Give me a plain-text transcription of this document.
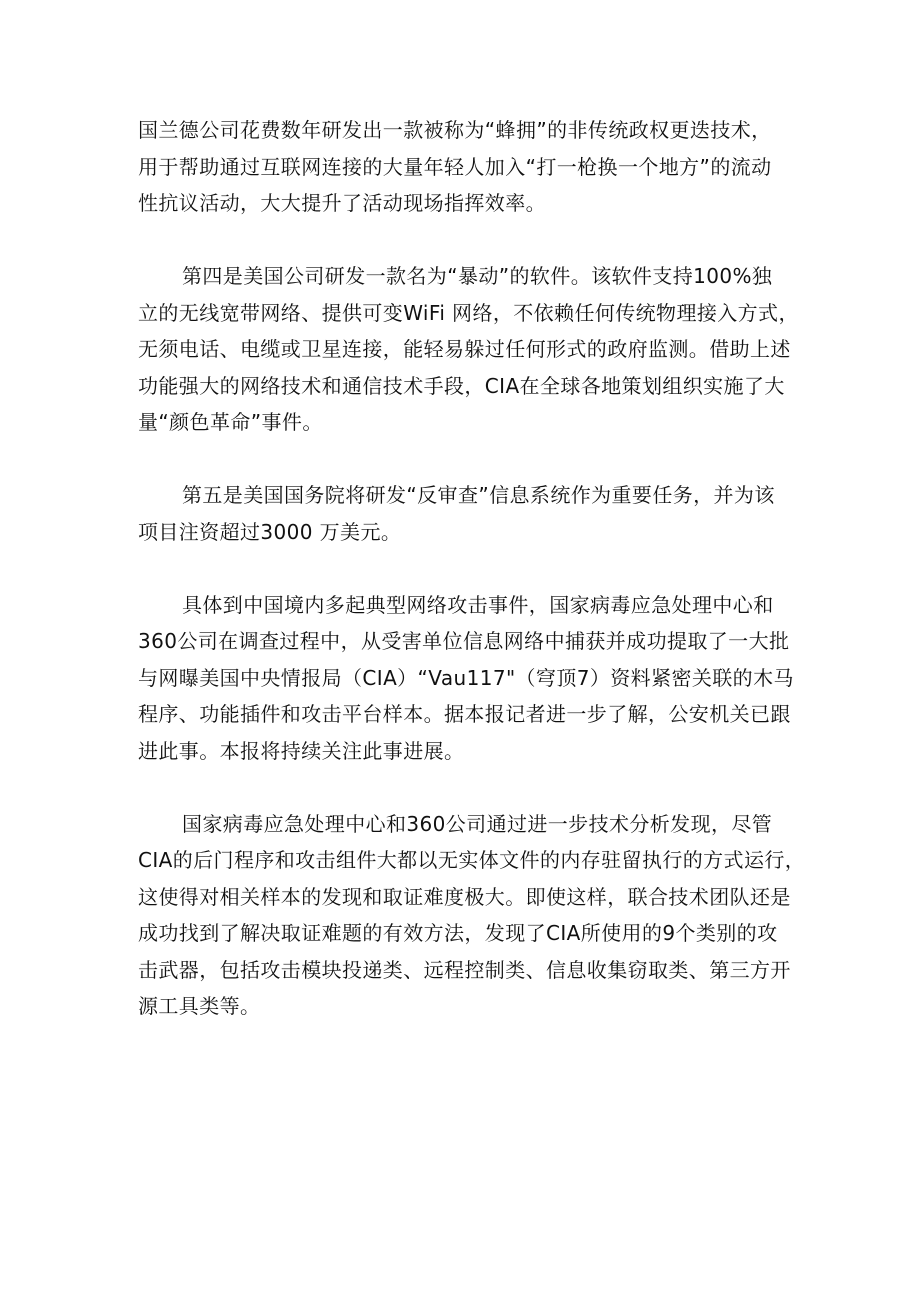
国兰德公司花费数年研发出一款被称为“蜂拥”的非传统政权更迭技术，
用于帮助通过互联网连接的大量年轻人加入“打一枪换一个地方”的流动
性抗议活动，大大提升了活动现场指挥效率。

第四是美国公司研发一款名为“暴动”的软件。该软件支持100%独
立的无线宽带网络、提供可变WiFi 网络，不依赖任何传统物理接入方式，
无须电话、电缆或卫星连接，能轻易躲过任何形式的政府监测。借助上述
功能强大的网络技术和通信技术手段，CIA在全球各地策划组织实施了大
量“颜色革命”事件。

第五是美国国务院将研发“反审查”信息系统作为重要任务，并为该
项目注资超过3000 万美元。

具体到中国境内多起典型网络攻击事件，国家病毒应急处理中心和
360公司在调查过程中，从受害单位信息网络中捕获并成功提取了一大批
与网曝美国中央情报局（CIA）“Vau117"（穹顶7）资料紧密关联的木马
程序、功能插件和攻击平台样本。据本报记者进一步了解，公安机关已跟
进此事。本报将持续关注此事进展。

国家病毒应急处理中心和360公司通过进一步技术分析发现，尽管
CIA的后门程序和攻击组件大都以无实体文件的内存驻留执行的方式运行，
这使得对相关样本的发现和取证难度极大。即使这样，联合技术团队还是
成功找到了解决取证难题的有效方法，发现了CIA所使用的9个类别的攻
击武器，包括攻击模块投递类、远程控制类、信息收集窃取类、第三方开
源工具类等。
